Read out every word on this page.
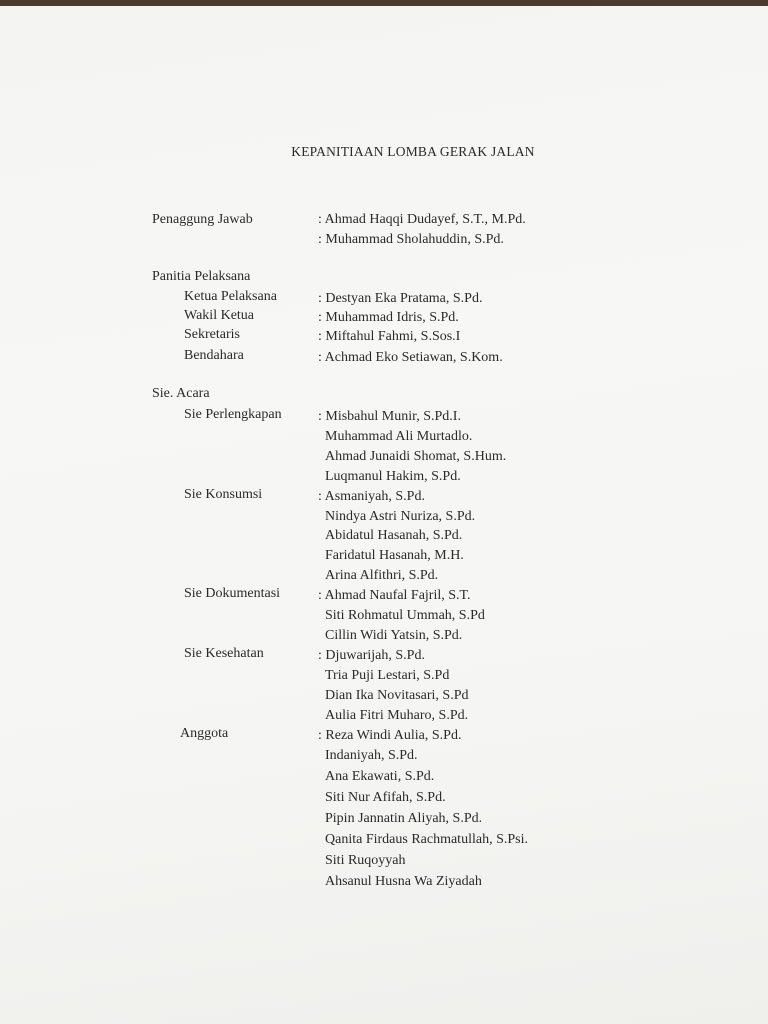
KEPANITIAAN LOMBA GERAK JALAN
Penaggung Jawab	: Ahmad Haqqi Dudayef, S.T., M.Pd.
: Muhammad Sholahuddin, S.Pd.
Panitia Pelaksana
Ketua Pelaksana	: Destyan Eka Pratama, S.Pd.
Wakil Ketua	: Muhammad Idris, S.Pd.
Sekretaris	: Miftahul Fahmi, S.Sos.I
Bendahara	: Achmad Eko Setiawan, S.Kom.
Sie. Acara
Sie Perlengkapan	: Misbahul Munir, S.Pd.I.
Muhammad Ali Murtadlo.
Ahmad Junaidi Shomat, S.Hum.
Luqmanul Hakim, S.Pd.
Sie Konsumsi	: Asmaniyah, S.Pd.
Nindya Astri Nuriza, S.Pd.
Abidatul Hasanah, S.Pd.
Faridatul Hasanah, M.H.
Arina Alfithri, S.Pd.
Sie Dokumentasi	: Ahmad Naufal Fajril, S.T.
Siti Rohmatul Ummah, S.Pd
Cillin Widi Yatsin, S.Pd.
Sie Kesehatan	: Djuwarijah, S.Pd.
Tria Puji Lestari, S.Pd
Dian Ika Novitasari, S.Pd
Aulia Fitri Muharo, S.Pd.
Anggota	: Reza Windi Aulia, S.Pd.
Indaniyah, S.Pd.
Ana Ekawati, S.Pd.
Siti Nur Afifah, S.Pd.
Pipin Jannatin Aliyah, S.Pd.
Qanita Firdaus Rachmatullah, S.Psi.
Siti Ruqoyyah
Ahsanul Husna Wa Ziyadah
